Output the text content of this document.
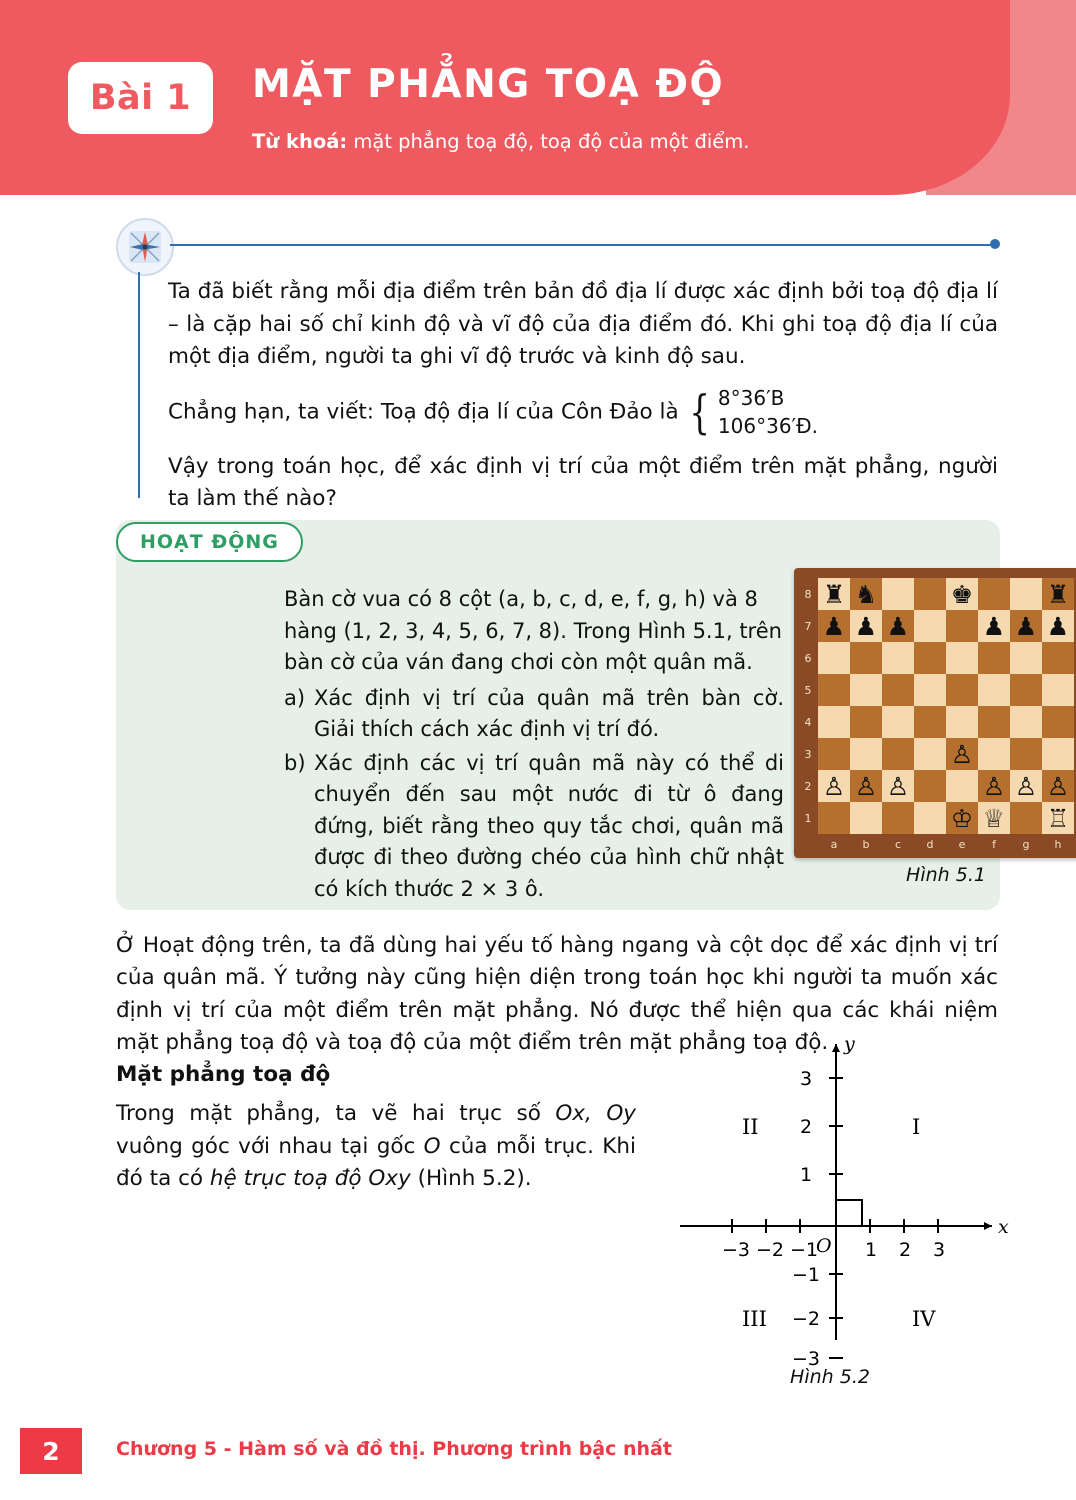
Bài 1	MẶT PHẲNG TOẠ ĐỘ
Từ khoá: mặt phẳng toạ độ, toạ độ của một điểm.

Ta đã biết rằng mỗi địa điểm trên bản đồ địa lí được xác định bởi toạ độ địa lí – là cặp hai số chỉ kinh độ và vĩ độ của địa điểm đó. Khi ghi toạ độ địa lí của một địa điểm, người ta ghi vĩ độ trước và kinh độ sau.

Chẳng hạn, ta viết: Toạ độ địa lí của Côn Đảo là { 8°36′B
106°36′Đ.

Vậy trong toán học, để xác định vị trí của một điểm trên mặt phẳng, người ta làm thế nào?

Bàn cờ vua có 8 cột (a, b, c, d, e, f, g, h) và 8 hàng (1, 2, 3, 4, 5, 6, 7, 8). Trong Hình 5.1, trên bàn cờ của ván đang chơi còn một quân mã.

a) Xác định vị trí của quân mã trên bàn cờ. Giải thích cách xác định vị trí đó.
b) Xác định các vị trí quân mã này có thể di chuyển đến sau một nước đi từ ô đang đứng, biết rằng theo quy tắc chơi, quân mã được đi theo đường chéo của hình chữ nhật có kích thước 2 × 3 ô.
♜ ♞	♚	♜
♟ ♟ ♟	♟ ♟ ♟
♙
♙ ♙ ♙	♙ ♙ ♙
♔ ♕ ♖
8
7
6
5
4
3
2
1
a	b	c	d	e	f	g	h
Hình 5.1
HOẠT ĐỘNG
Ở Hoạt động trên, ta đã dùng hai yếu tố hàng ngang và cột dọc để xác định vị trí của quân mã. Ý tưởng này cũng hiện diện trong toán học khi người ta muốn xác định vị trí của một điểm trên mặt phẳng. Nó được thể hiện qua các khái niệm mặt phẳng toạ độ và toạ độ của một điểm trên mặt phẳng toạ độ.
Mặt phẳng toạ độ
Trong mặt phẳng, ta vẽ hai trục số Ox, Oy vuông góc với nhau tại gốc O của mỗi trục. Khi đó ta có hệ trục toạ độ Oxy (Hình 5.2).
x
y
O
−3 −2 −1 1 2 3
3
2
1
−1
−2
−3
I
II
III	IV
Hình 5.2
2	Chương 5 - Hàm số và đồ thị. Phương trình bậc nhất
